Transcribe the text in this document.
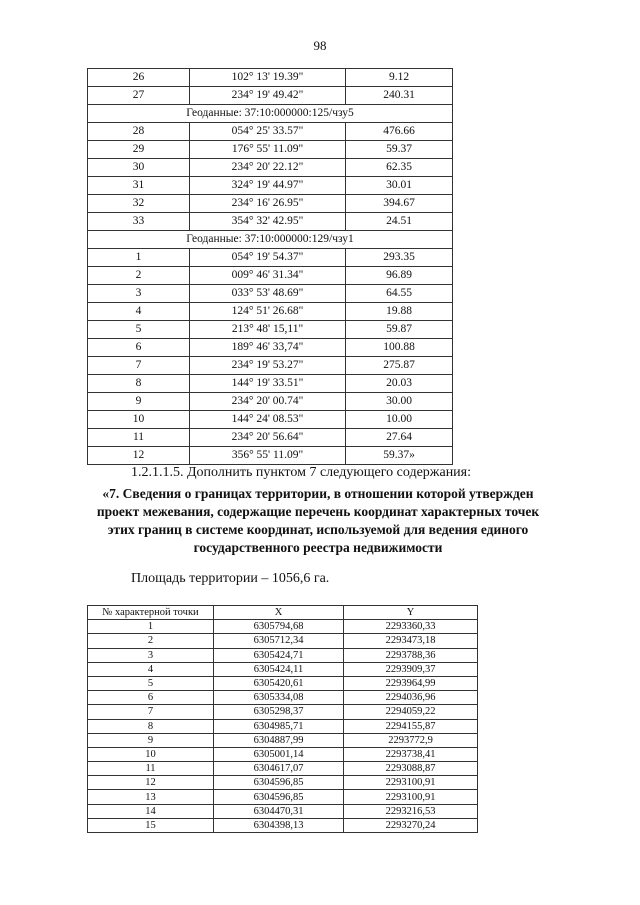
98
26	102° 13' 19.39"	9.12
27	234° 19' 49.42"	240.31
Геоданные: 37:10:000000:125/чзу5		
28	054° 25' 33.57"	476.66
29	176° 55' 11.09"	59.37
30	234° 20' 22.12"	62.35
31	324° 19' 44.97"	30.01
32	234° 16' 26.95"	394.67
33	354° 32' 42.95"	24.51
Геоданные: 37:10:000000:129/чзу1		
1	054° 19' 54.37"	293.35
2	009° 46' 31.34"	96.89
3	033° 53' 48.69"	64.55
4	124° 51' 26.68"	19.88
5	213° 48' 15,11"	59.87
6	189° 46' 33,74"	100.88
7	234° 19' 53.27"	275.87
8	144° 19' 33.51"	20.03
9	234° 20' 00.74"	30.00
10	144° 24' 08.53"	10.00
11	234° 20' 56.64"	27.64
12	356° 55' 11.09"	59.37»
1.2.1.1.5. Дополнить пунктом 7 следующего содержания:
«7. Сведения о границах территории, в отношении которой утвержден проект межевания, содержащие перечень координат характерных точек этих границ в системе координат, используемой для ведения единого государственного реестра недвижимости
Площадь территории – 1056,6 га.
№ характерной точки	X	Y
1	6305794,68	2293360,33
2	6305712,34	2293473,18
3	6305424,71	2293788,36
4	6305424,11	2293909,37
5	6305420,61	2293964,99
6	6305334,08	2294036,96
7	6305298,37	2294059,22
8	6304985,71	2294155,87
9	6304887,99	2293772,9
10	6305001,14	2293738,41
11	6304617,07	2293088,87
12	6304596,85	2293100,91
13	6304596,85	2293100,91
14	6304470,31	2293216,53
15	6304398,13	2293270,24
